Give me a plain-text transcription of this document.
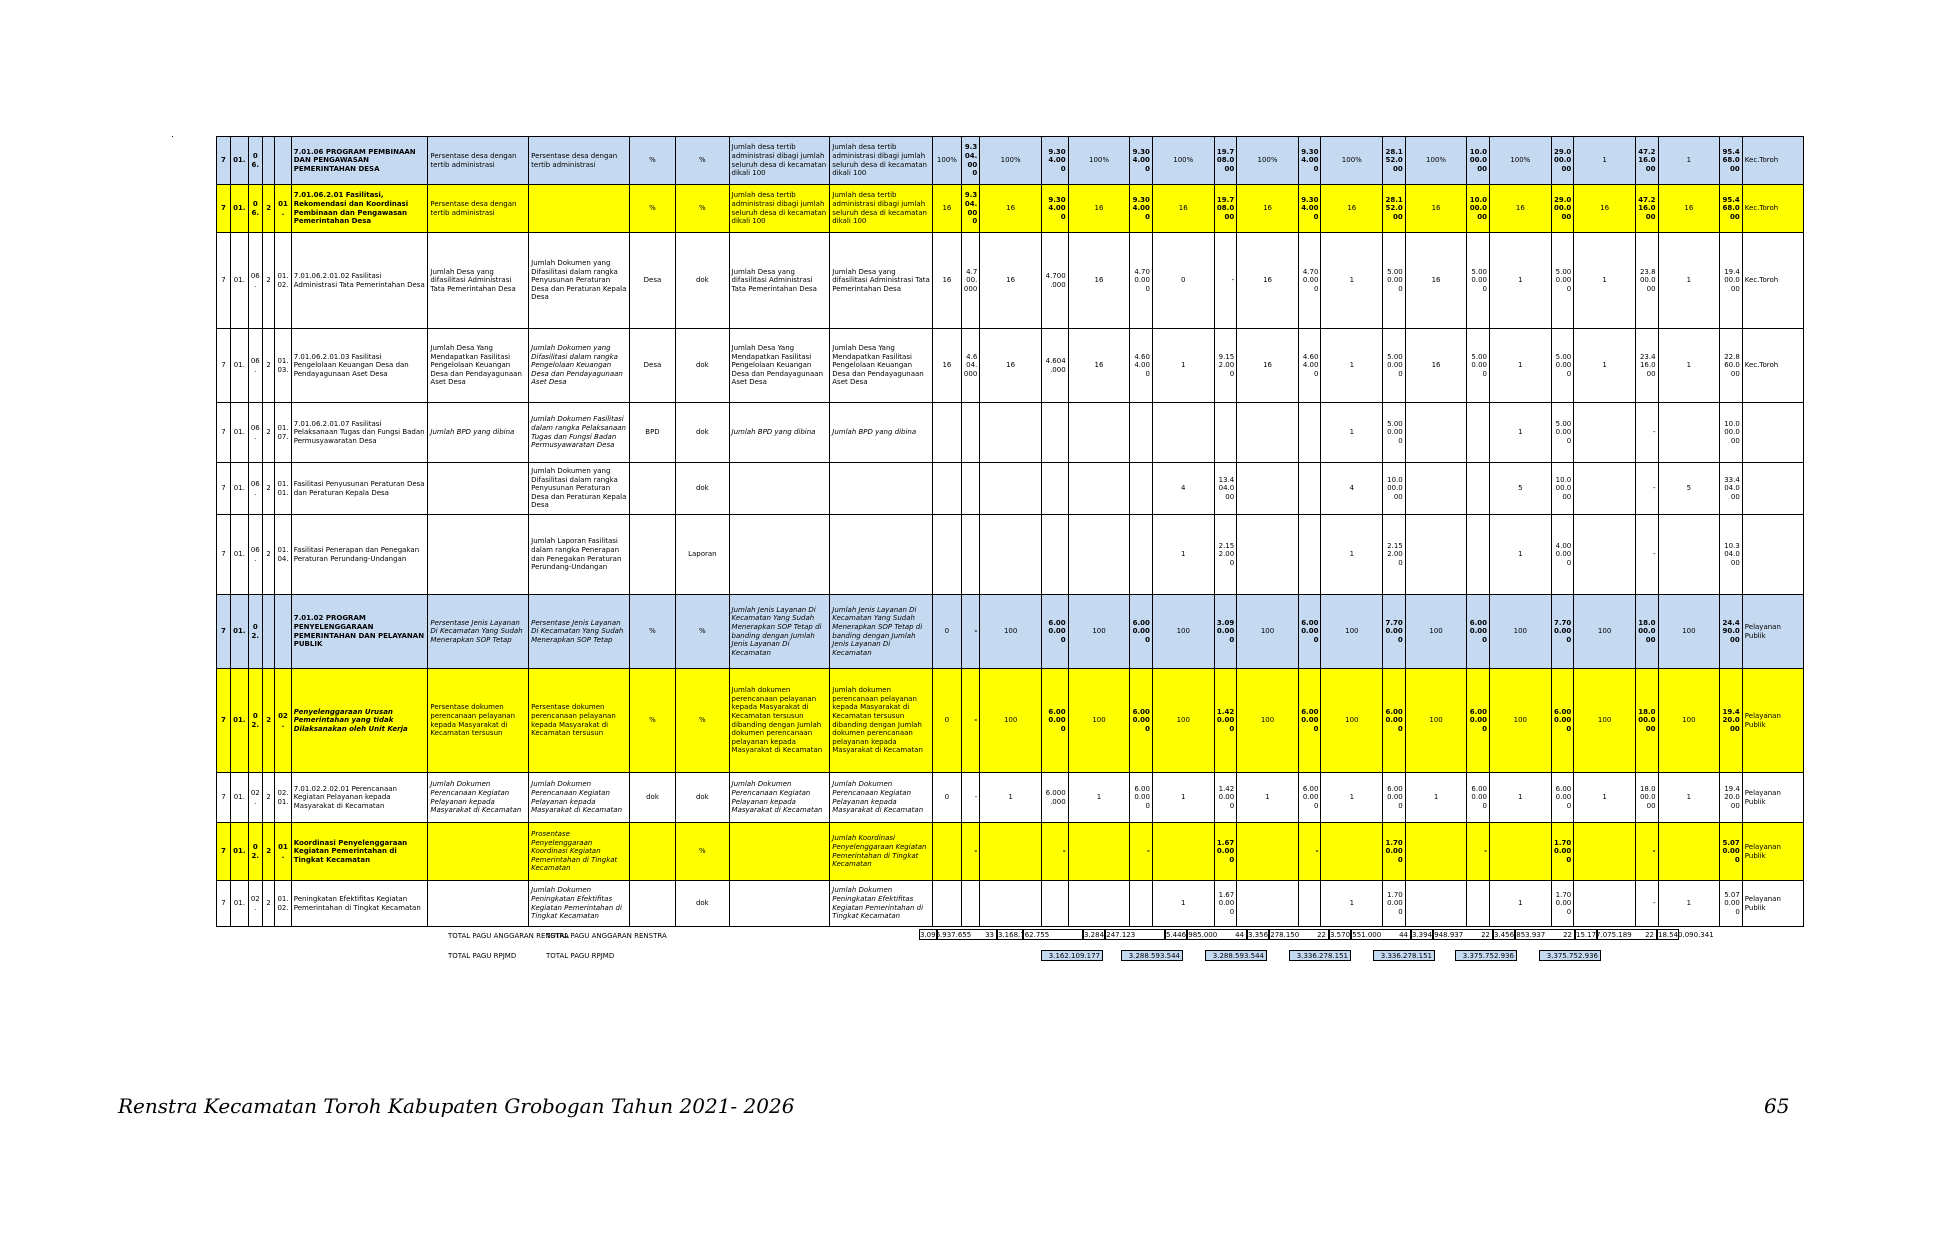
	7	01.	06.			7.01.06 PROGRAM PEMBINAAN DAN PENGAWASAN PEMERINTAHAN DESA	Persentase desa dengan tertib administrasi	Persentase desa dengan tertib administrasi	%	%	Jumlah desa tertib administrasi dibagi jumlah seluruh desa di kecamatan dikali 100	Jumlah desa tertib administrasi dibagi jumlah seluruh desa di kecamatan dikali 100	100%	9.304.000	100%	9.304.000	100%	9.304.000	100%	19.708.000	100%	9.304.000	100%	28.152.000	100%	10.000.000	100%	29.000.000	1	47.216.000	1	95.468.000	Kec.Toroh
	7	01.	06.	2	01.	7.01.06.2.01 Fasilitasi, Rekomendasi dan Koordinasi Pembinaan dan Pengawasan Pemerintahan Desa	Persentase desa dengan tertib administrasi		%	%	Jumlah desa tertib administrasi dibagi jumlah seluruh desa di kecamatan dikali 100	Jumlah desa tertib administrasi dibagi jumlah seluruh desa di kecamatan dikali 100	16	9.304.000	16	9.304.000	16	9.304.000	16	19.708.000	16	9.304.000	16	28.152.000	16	10.000.000	16	29.000.000	16	47.216.000	16	95.468.000	Kec.Toroh
	7	01.	06.	2	01. 02.	7.01.06.2.01.02 Fasilitasi Administrasi Tata Pemerintahan Desa	Jumlah Desa yang difasilitasi Administrasi Tata Pemerintahan Desa	Jumlah Dokumen yang Difasilitasi dalam rangka Penyusunan Peraturan Desa dan Peraturan Kepala Desa	Desa	dok	Jumlah Desa yang difasilitasi Administrasi Tata Pemerintahan Desa	Jumlah Desa yang difasilitasi Administrasi Tata Pemerintahan Desa	16	4.700.000	16	4.700.000	16	4.700.000	0	-	16	4.700.000	1	5.000.000	16	5.000.000	1	5.000.000	1	23.800.000	1	19.400.000	Kec.Toroh
	7	01.	06.	2	01. 03.	7.01.06.2.01.03 Fasilitasi Pengelolaan Keuangan Desa dan Pendayagunaan Aset Desa	Jumlah Desa Yang Mendapatkan Fasilitasi Pengelolaan Keuangan Desa dan Pendayagunaan Aset Desa	Jumlah Dokumen yang Difasilitasi dalam rangka Pengelolaan Keuangan Desa dan Pendayagunaan Aset Desa	Desa	dok	Jumlah Desa Yang Mendapatkan Fasilitasi Pengelolaan Keuangan Desa dan Pendayagunaan Aset Desa	Jumlah Desa Yang Mendapatkan Fasilitasi Pengelolaan Keuangan Desa dan Pendayagunaan Aset Desa	16	4.604.000	16	4.604.000	16	4.604.000	1	9.152.000	16	4.604.000	1	5.000.000	16	5.000.000	1	5.000.000	1	23.416.000	1	22.860.000	Kec.Toroh
	7	01.	06.	2	01. 07.	7.01.06.2.01.07 Fasilitasi Pelaksanaan Tugas dan Fungsi Badan Permusyawaratan Desa	Jumlah BPD yang dibina	Jumlah Dokumen Fasilitasi dalam rangka Pelaksanaan Tugas dan Fungsi Badan Permusyawaratan Desa	BPD	dok	Jumlah BPD yang dibina	Jumlah BPD yang dibina											1	5.000.000			1	5.000.000		-		10.000.000	
	7	01.	06.	2	01. 01.	Fasilitasi Penyusunan Peraturan Desa dan Peraturan Kepala Desa		Jumlah Dokumen yang Difasilitasi dalam rangka Penyusunan Peraturan Desa dan Peraturan Kepala Desa		dok									4	13.404.000			4	10.000.000			5	10.000.000		-	5	33.404.000	
	7	01.	06.	2	01. 04.	Fasilitasi Penerapan dan Penegakan Peraturan Perundang-Undangan		Jumlah Laporan Fasilitasi dalam rangka Penerapan dan Penegakan Peraturan Perundang-Undangan		Laporan									1	2.152.000			1	2.152.000			1	4.000.000		-		10.304.000	
	7	01.	02.			7.01.02 PROGRAM PENYELENGGARAAN PEMERINTAHAN DAN PELAYANAN PUBLIK	Persentase Jenis Layanan Di Kecamatan Yang Sudah Menerapkan SOP Tetap	Persentase Jenis Layanan Di Kecamatan Yang Sudah Menerapkan SOP Tetap	%	%	Jumlah Jenis Layanan Di Kecamatan Yang Sudah Menerapkan SOP Tetap di banding dengan Jumlah Jenis Layanan Di Kecamatan	Jumlah Jenis Layanan Di Kecamatan Yang Sudah Menerapkan SOP Tetap di banding dengan Jumlah Jenis Layanan Di Kecamatan	0	-	100	6.000.000	100	6.000.000	100	3.090.000	100	6.000.000	100	7.700.000	100	6.000.000	100	7.700.000	100	18.000.000	100	24.490.000	Pelayanan Publik
	7	01.	02.	2	02.	Penyelenggaraan Urusan Pemerintahan yang tidak Dilaksanakan oleh Unit Kerja	Persentase dokumen perencanaan pelayanan kepada Masyarakat di Kecamatan tersusun	Persentase dokumen perencanaan pelayanan kepada Masyarakat di Kecamatan tersusun	%	%	Jumlah dokumen perencanaan pelayanan kepada Masyarakat di Kecamatan tersusun dibanding dengan Jumlah dokumen perencanaan pelayanan kepada Masyarakat di Kecamatan	Jumlah dokumen perencanaan pelayanan kepada Masyarakat di Kecamatan tersusun dibanding dengan Jumlah dokumen perencanaan pelayanan kepada Masyarakat di Kecamatan	0	-	100	6.000.000	100	6.000.000	100	1.420.000	100	6.000.000	100	6.000.000	100	6.000.000	100	6.000.000	100	18.000.000	100	19.420.000	Pelayanan Publik
	7	01.	02.	2	02. 01.	7.01.02.2.02.01 Perencanaan Kegiatan Pelayanan kepada Masyarakat di Kecamatan	Jumlah Dokumen Perencanaan Kegiatan Pelayanan kepada Masyarakat di Kecamatan	Jumlah Dokumen Perencanaan Kegiatan Pelayanan kepada Masyarakat di Kecamatan	dok	dok	Jumlah Dokumen Perencanaan Kegiatan Pelayanan kepada Masyarakat di Kecamatan	Jumlah Dokumen Perencanaan Kegiatan Pelayanan kepada Masyarakat di Kecamatan	0	-	1	6.000.000	1	6.000.000	1	1.420.000	1	6.000.000	1	6.000.000	1	6.000.000	1	6.000.000	1	18.000.000	1	19.420.000	Pelayanan Publik
	7	01.	02.	2	01.	Koordinasi Penyelenggaraan Kegiatan Pemerintahan di Tingkat Kecamatan		Prosentase Penyelenggaraan Koordinasi Kegiatan Pemerintahan di Tingkat Kecamatan		%		Jumlah Koordinasi Penyelenggaraan Kegiatan Pemerintahan di Tingkat Kecamatan		-		-		-		1.670.000		-		1.700.000		-		1.700.000		-		5.070.000	Pelayanan Publik
	7	01.	02.	2	01. 02.	Peningkatan Efektifitas Kegiatan Pemerintahan di Tingkat Kecamatan		Jumlah Dokumen Peningkatan Efektifitas Kegiatan Pemerintahan di Tingkat Kecamatan		dok		Jumlah Dokumen Peningkatan Efektifitas Kegiatan Pemerintahan di Tingkat Kecamatan							1	1.670.000			1	1.700.000			1	1.700.000		-	1	5.070.000	Pelayanan Publik
TOTAL PAGU ANGGARAN RENSTRA
TOTAL PAGU ANGGARAN RENSTRA
TOTAL PAGU RPJMD	TOTAL PAGU RPJMD
3.096.937.655	33 3.168.762.755	3.284.247.123	5.446.985.000	44 3.356.278.150	22 3.570.551.000	44 3.394.948.937	22 3.456.853.937	22 15.177.075.189	22 18.540.090.341
3.162.109.177	3.288.593.544	3.288.593.544	3.336.278.151	3.336.278.151	3.375.752.936	3.375.752.936
Renstra Kecamatan Toroh Kabupaten Grobogan Tahun 2021- 2026	65
